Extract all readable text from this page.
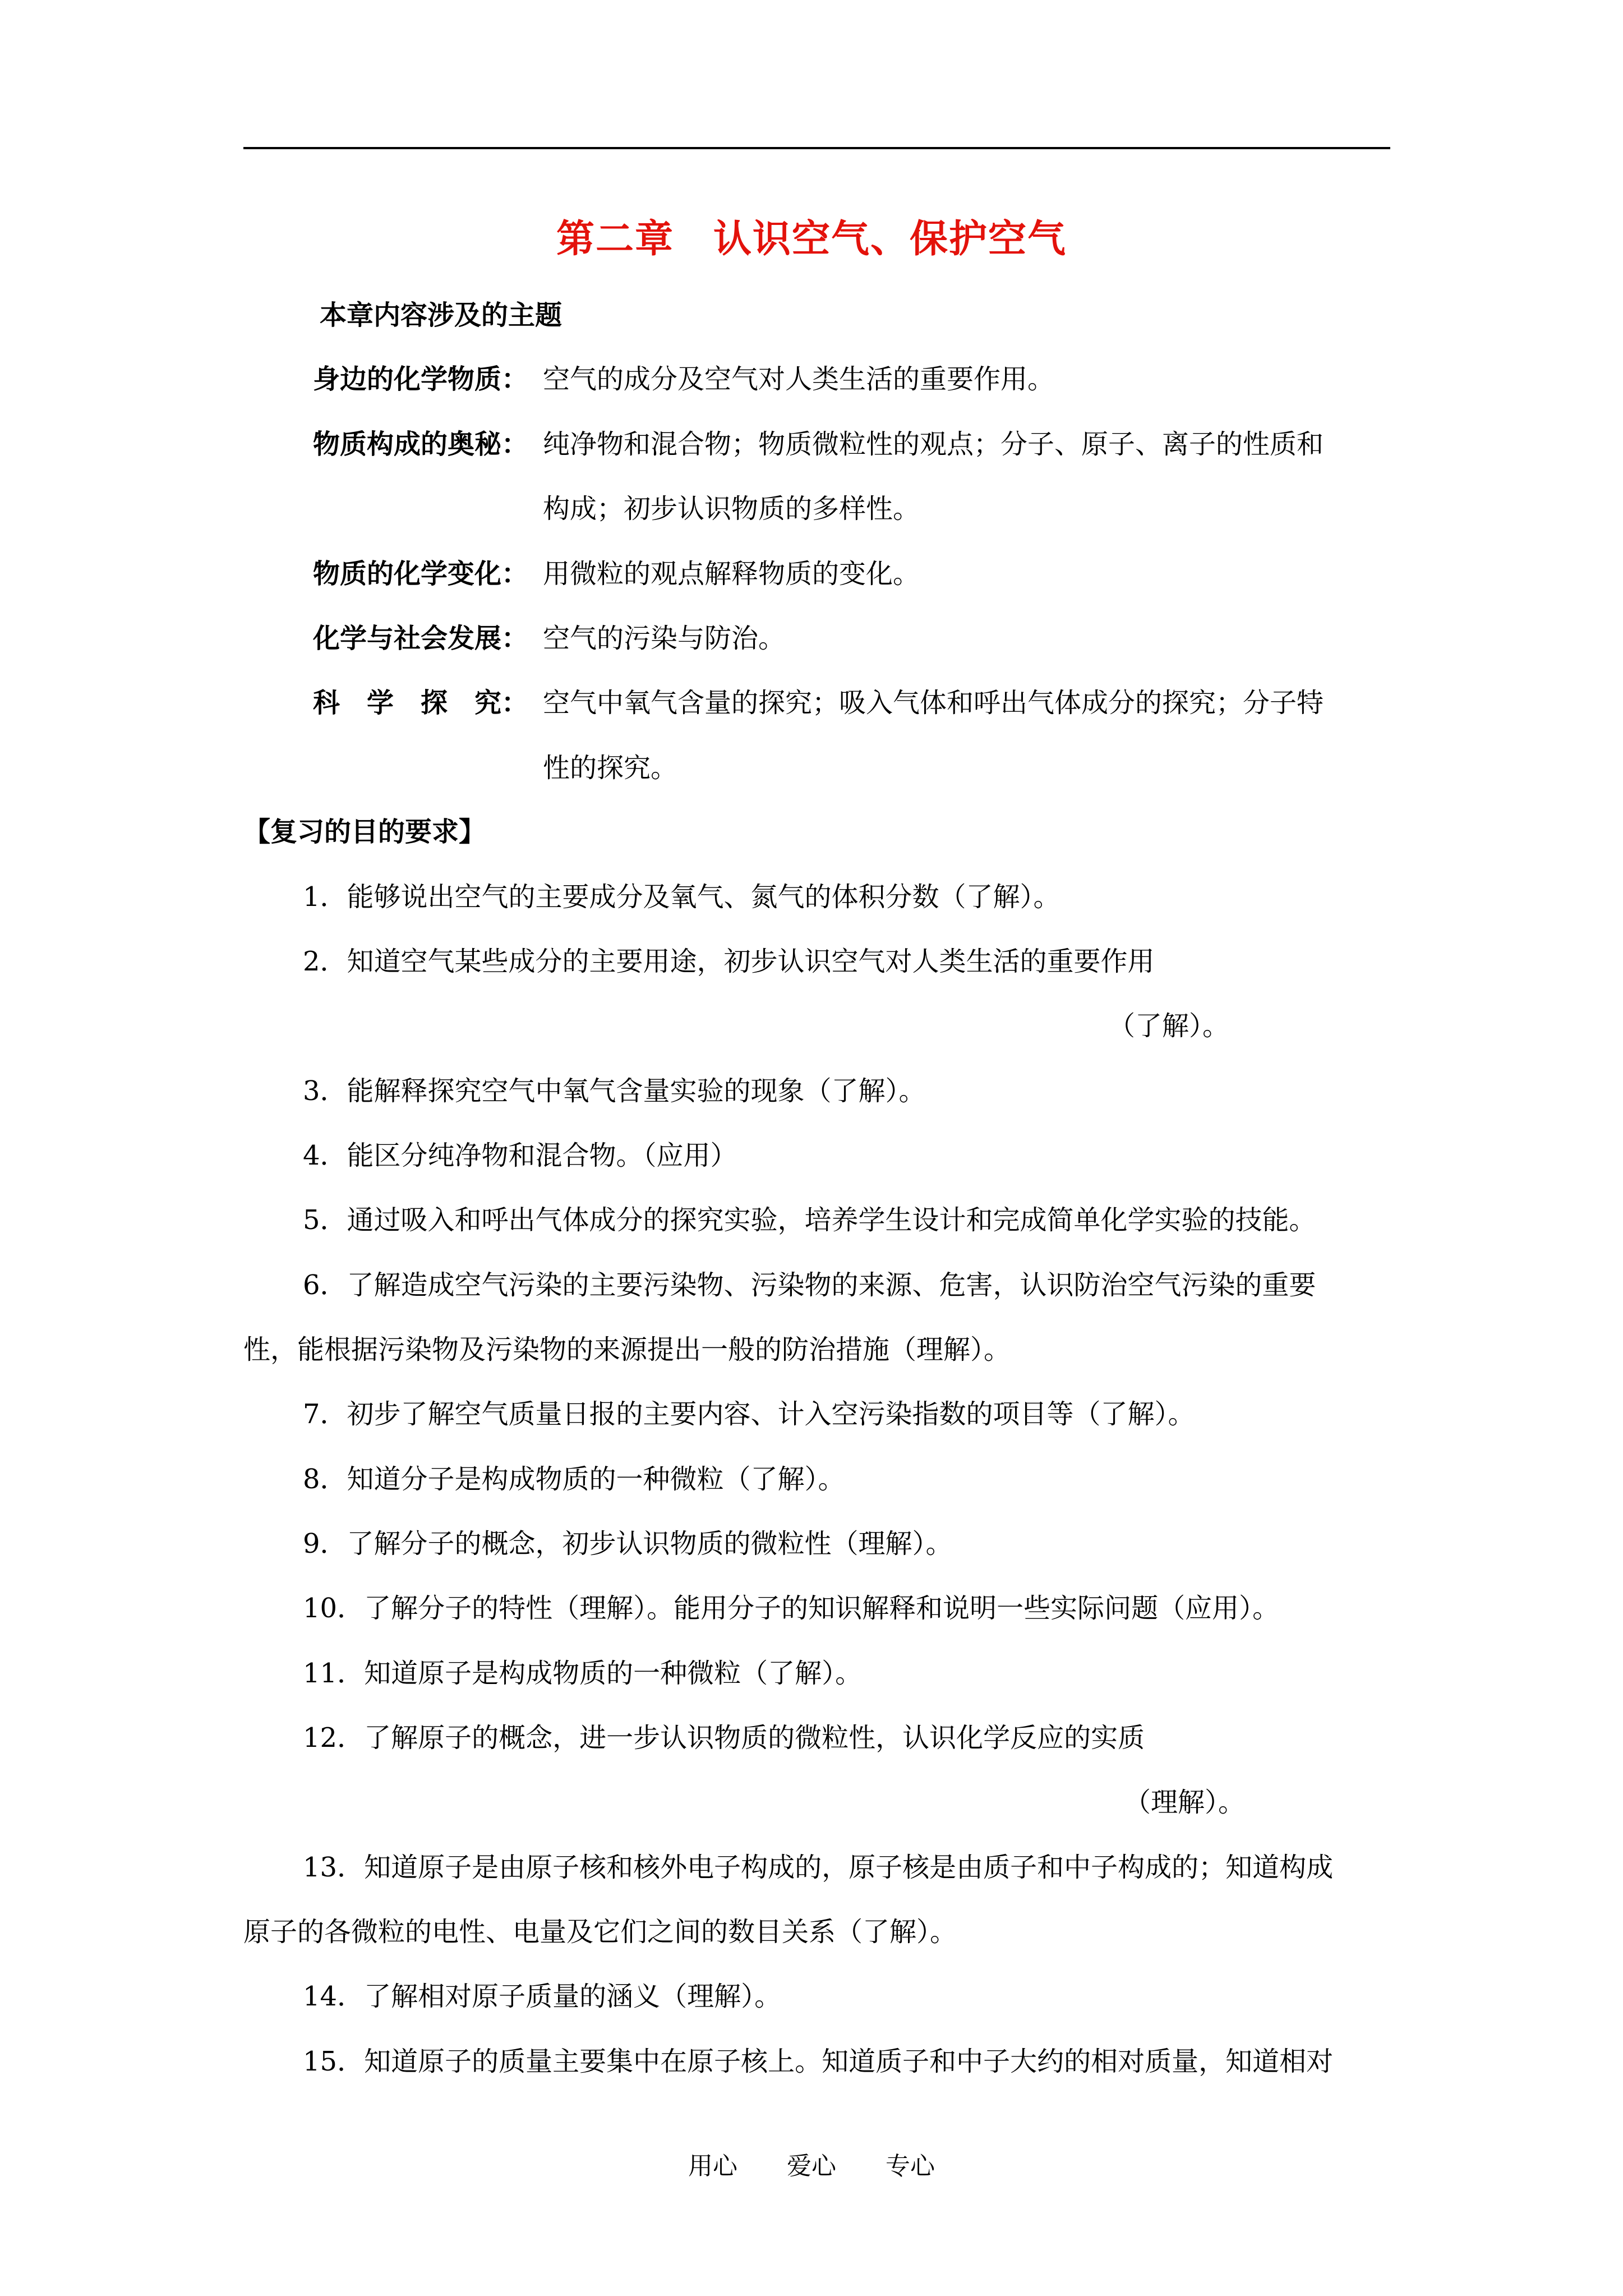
第二章　认识空气、保护空气
本章内容涉及的主题
身边的化学物质： 空气的成分及空气对人类生活的重要作用。
物质构成的奥秘： 纯净物和混合物；物质微粒性的观点；分子、原子、离子的性质和
构成；初步认识物质的多样性。
物质的化学变化： 用微粒的观点解释物质的变化。
化学与社会发展： 空气的污染与防治。
科　学　探　究： 空气中氧气含量的探究；吸入气体和呼出气体成分的探究；分子特
性的探究。
【复习的目的要求】
1．能够说出空气的主要成分及氧气、氮气的体积分数（了解）。
2．知道空气某些成分的主要用途，初步认识空气对人类生活的重要作用
（了解）。
3．能解释探究空气中氧气含量实验的现象（了解）。
4．能区分纯净物和混合物。（应用）
5．通过吸入和呼出气体成分的探究实验，培养学生设计和完成简单化学实验的技能。
6．了解造成空气污染的主要污染物、污染物的来源、危害，认识防治空气污染的重要
性，能根据污染物及污染物的来源提出一般的防治措施（理解）。
7．初步了解空气质量日报的主要内容、计入空污染指数的项目等（了解）。
8．知道分子是构成物质的一种微粒（了解）。
9．了解分子的概念，初步认识物质的微粒性（理解）。
10．了解分子的特性（理解）。能用分子的知识解释和说明一些实际问题（应用）。
11．知道原子是构成物质的一种微粒（了解）。
12．了解原子的概念，进一步认识物质的微粒性，认识化学反应的实质
（理解）。
13．知道原子是由原子核和核外电子构成的，原子核是由质子和中子构成的；知道构成
原子的各微粒的电性、电量及它们之间的数目关系（了解）。
14．了解相对原子质量的涵义（理解）。
15．知道原子的质量主要集中在原子核上。知道质子和中子大约的相对质量，知道相对
用心　　爱心　　专心
